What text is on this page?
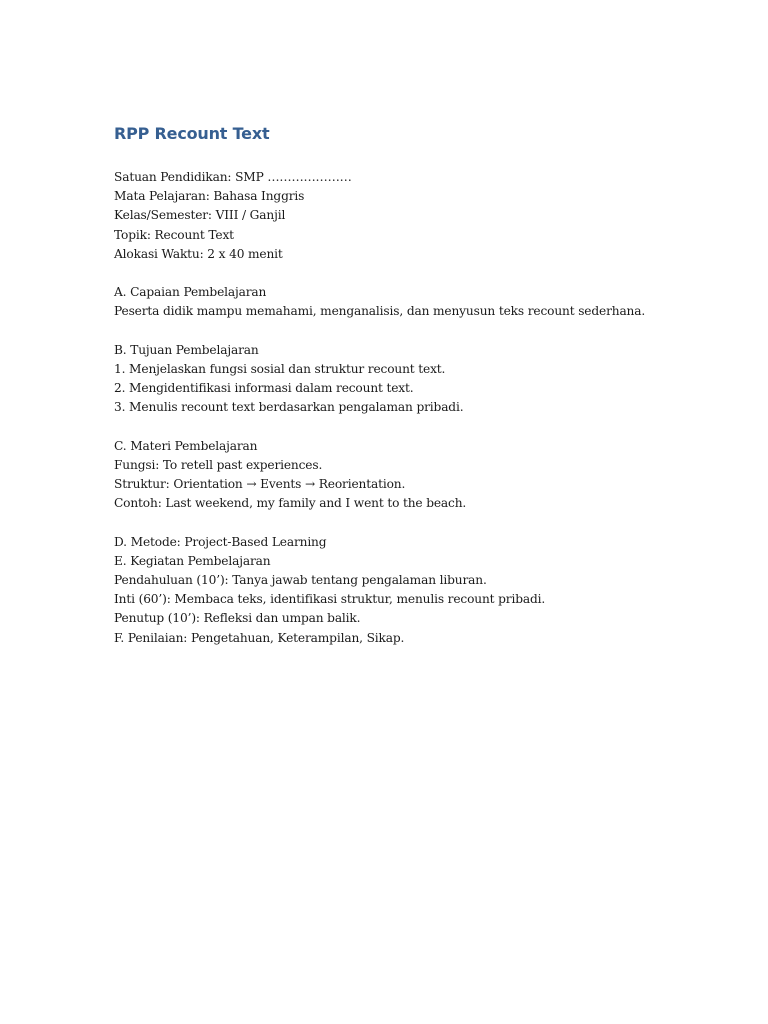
RPP Recount Text
Satuan Pendidikan: SMP …………………
Mata Pelajaran: Bahasa Inggris
Kelas/Semester: VIII / Ganjil
Topik: Recount Text
Alokasi Waktu: 2 x 40 menit
A. Capaian Pembelajaran
Peserta didik mampu memahami, menganalisis, dan menyusun teks recount sederhana.
B. Tujuan Pembelajaran
1. Menjelaskan fungsi sosial dan struktur recount text.
2. Mengidentifikasi informasi dalam recount text.
3. Menulis recount text berdasarkan pengalaman pribadi.
C. Materi Pembelajaran
Fungsi: To retell past experiences.
Struktur: Orientation → Events → Reorientation.
Contoh: Last weekend, my family and I went to the beach.
D. Metode: Project-Based Learning
E. Kegiatan Pembelajaran
Pendahuluan (10’): Tanya jawab tentang pengalaman liburan.
Inti (60’): Membaca teks, identifikasi struktur, menulis recount pribadi.
Penutup (10’): Refleksi dan umpan balik.
F. Penilaian: Pengetahuan, Keterampilan, Sikap.
